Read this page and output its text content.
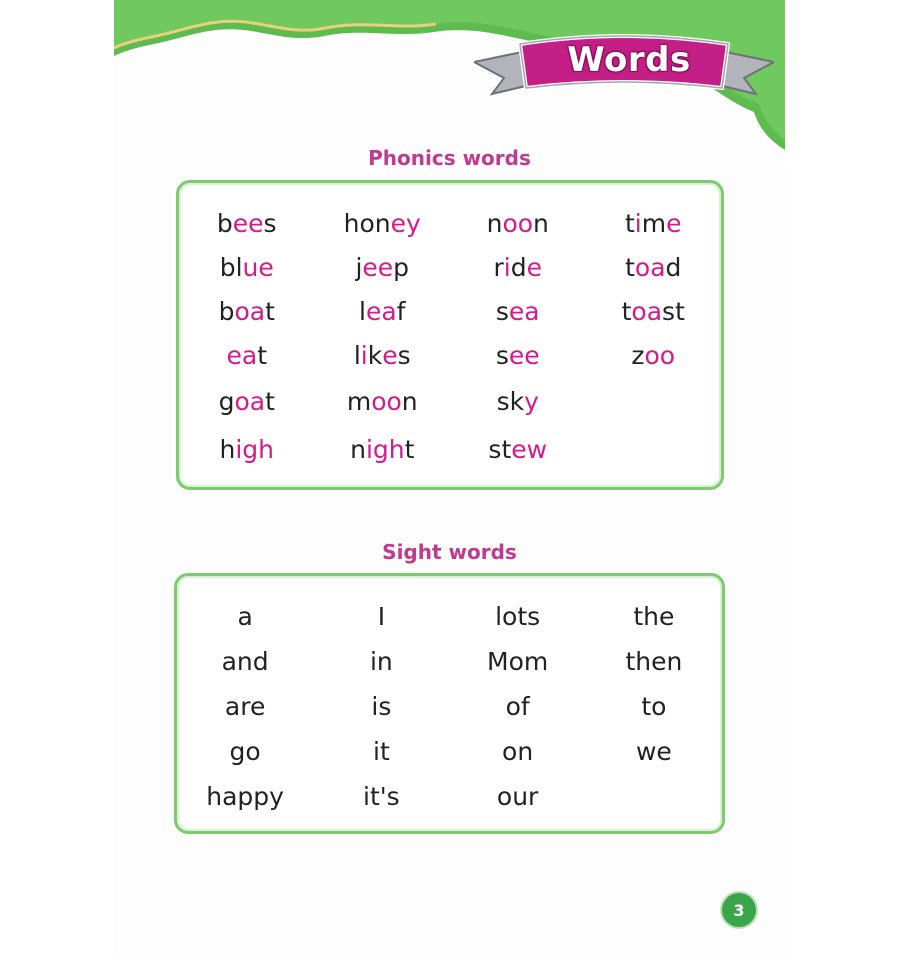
Words
Phonics words
b ee s	hon ey	n oo n	t i m e
bl ue	j ee p	r i d e	t oa d
b oa t	l ea f	s ea	t oa st
ea t	l i k e s	s ee	z oo
g oa t	m oo n	sk y
h igh	n igh t	st ew
Sight words
a	I	lots	the
and	in	Mom	then
are	is	of	to
go	it	on	we
happy	it's	our
3
